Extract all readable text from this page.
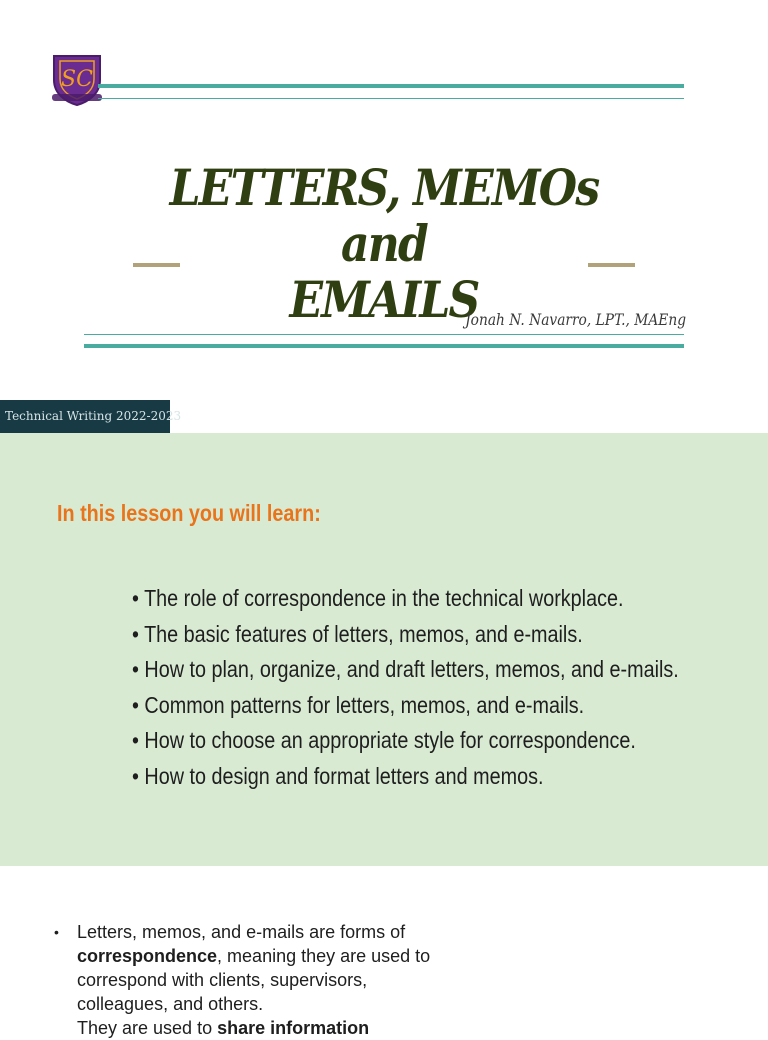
SC
LETTERS, MEMOs and
EMAILS
Jonah N. Navarro, LPT., MAEng
Technical Writing 2022-2023
In this lesson you will learn:
• The role of correspondence in the technical workplace.
• The basic features of letters, memos, and e-mails.
• How to plan, organize, and draft letters, memos, and e-mails.
• Common patterns for letters, memos, and e-mails.
• How to choose an appropriate style for correspondence.
• How to design and format letters and memos.
• Letters, memos, and e-mails are forms of correspondence, meaning they are used to correspond with clients, supervisors, colleagues, and others.
They are used to share information
